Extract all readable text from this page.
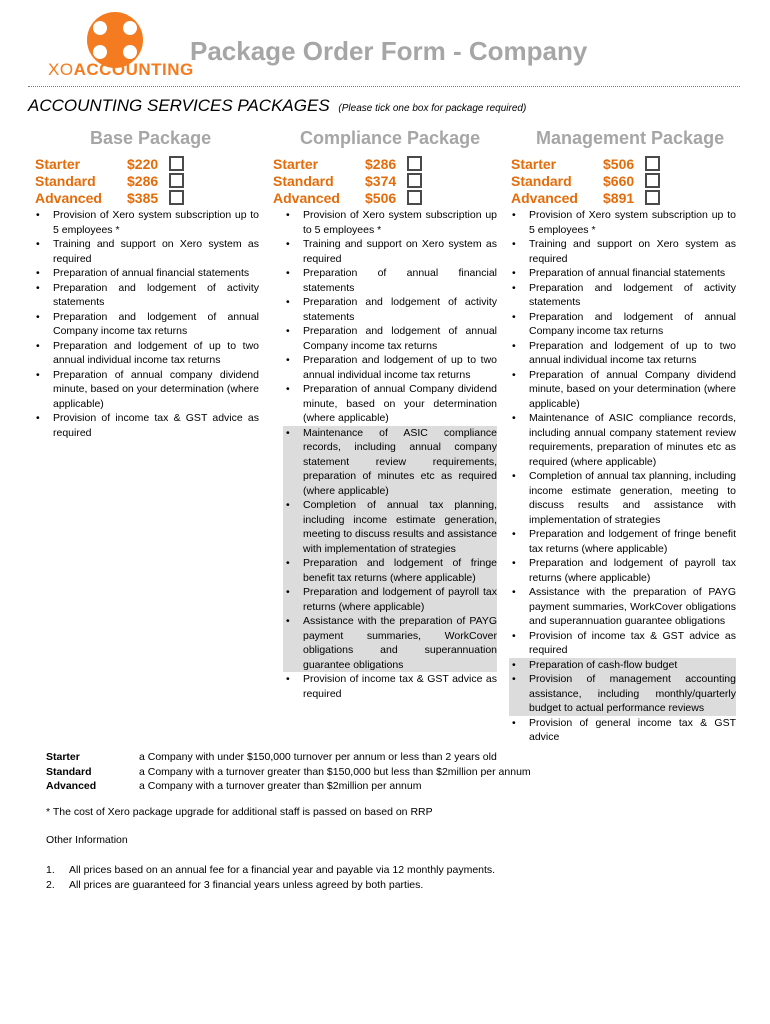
XOACCOUNTING
Package Order Form - Company
ACCOUNTING SERVICES PACKAGES (Please tick one box for package required)
Base Package
Starter	$220
Standard	$286
Advanced	$385
• Provision of Xero system subscription up to 5 employees *
• Training and support on Xero system as required
• Preparation of annual financial statements
• Preparation and lodgement of activity statements
• Preparation and lodgement of annual Company income tax returns
• Preparation and lodgement of up to two annual individual income tax returns
• Preparation of annual company dividend minute, based on your determination (where applicable)
• Provision of income tax & GST advice as required
Compliance Package
Starter	$286
Standard	$374
Advanced	$506
• Provision of Xero system subscription up to 5 employees *
• Training and support on Xero system as required
• Preparation of annual financial statements
• Preparation and lodgement of activity statements
• Preparation and lodgement of annual Company income tax returns
• Preparation and lodgement of up to two annual individual income tax returns
• Preparation of annual Company dividend minute, based on your determination (where applicable)
• Maintenance of ASIC compliance records, including annual company statement review requirements, preparation of minutes etc as required (where applicable)
• Completion of annual tax planning, including income estimate generation, meeting to discuss results and assistance with implementation of strategies
• Preparation and lodgement of fringe benefit tax returns (where applicable)
• Preparation and lodgement of payroll tax returns (where applicable)
• Assistance with the preparation of PAYG payment summaries, WorkCover obligations and superannuation guarantee obligations
• Provision of income tax & GST advice as required
Management Package
Starter	$506
Standard	$660
Advanced	$891
• Provision of Xero system subscription up to 5 employees *
• Training and support on Xero system as required
• Preparation of annual financial statements
• Preparation and lodgement of activity statements
• Preparation and lodgement of annual Company income tax returns
• Preparation and lodgement of up to two annual individual income tax returns
• Preparation of annual Company dividend minute, based on your determination (where applicable)
• Maintenance of ASIC compliance records, including annual company statement review requirements, preparation of minutes etc as required (where applicable)
• Completion of annual tax planning, including income estimate generation, meeting to discuss results and assistance with implementation of strategies
• Preparation and lodgement of fringe benefit tax returns (where applicable)
• Preparation and lodgement of payroll tax returns (where applicable)
• Assistance with the preparation of PAYG payment summaries, WorkCover obligations and superannuation guarantee obligations
• Provision of income tax & GST advice as required
• Preparation of cash-flow budget
• Provision of management accounting assistance, including monthly/quarterly budget to actual performance reviews
• Provision of general income tax & GST advice
Starter	a Company with under $150,000 turnover per annum or less than 2 years old
Standard	a Company with a turnover greater than $150,000 but less than $2million per annum
Advanced	a Company with a turnover greater than $2million per annum
* The cost of Xero package upgrade for additional staff is passed on based on RRP
Other Information
1.	All prices based on an annual fee for a financial year and payable via 12 monthly payments.
2.	All prices are guaranteed for 3 financial years unless agreed by both parties.
